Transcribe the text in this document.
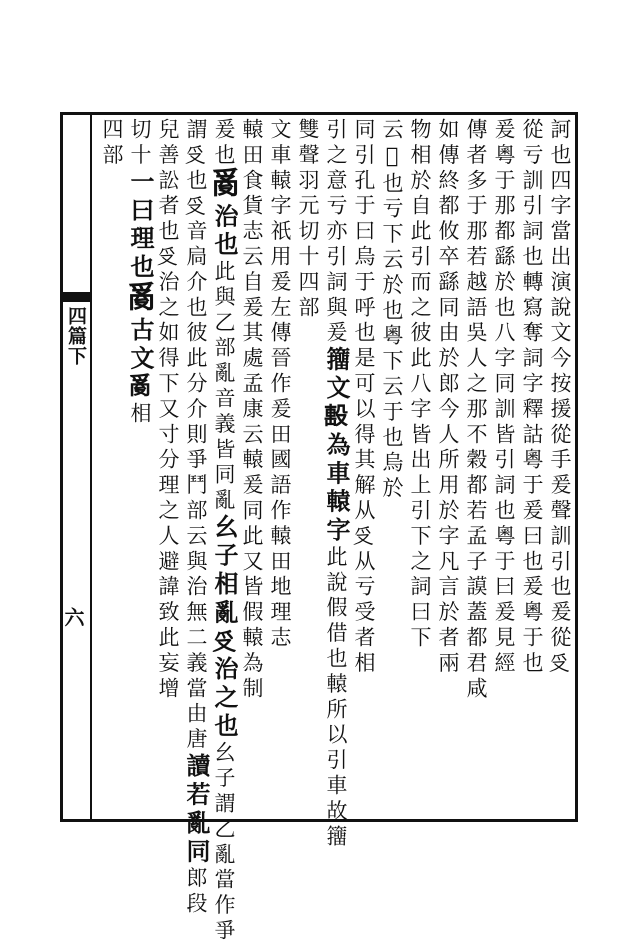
四篇下
六	訶也四字當出演說文今按援從手爰聲訓引也爰從𠬪
從亏訓引詞也轉寫奪詞字釋詁粵于爰曰也爰粵于也
爰粵于那都繇於也八字同訓皆引詞也粵于曰爰見經
傳者多于那若越語吳人之那不穀都若孟子謨蓋都君咸
如傳終都攸卒繇同由於郎今人所用於字凡言於者兩
物相於自此引而之彼此八字皆出上引下之詞曰下
云𠾈也亏下云於也粵下云于也烏於
同引孔于曰烏于呼也是可以得其解从𠬪从亏受者相
引之意亏亦引詞與爰籒文𣪠為車轅字此說假借也轅所以引車故籒
雙聲羽元切十四部
文車轅字祇用爰左傳晉作爰田國語作轅田地理志
轅田食貨志云自爰其處孟康云轅爰同此又皆假轅為制
爰也𤔔治也此與乙部亂音義皆同亂幺子相亂𠬪治之也幺子謂乙亂當作爭
謂𠬪也𠬪音扃介也彼此分介則爭鬥部云與治無二義當由唐讀若亂同郎段
兒善訟者也𠬪治之如得下又寸分理之人避諱致此妄增
切十一曰理也𤔔古文𤔔相
四部
